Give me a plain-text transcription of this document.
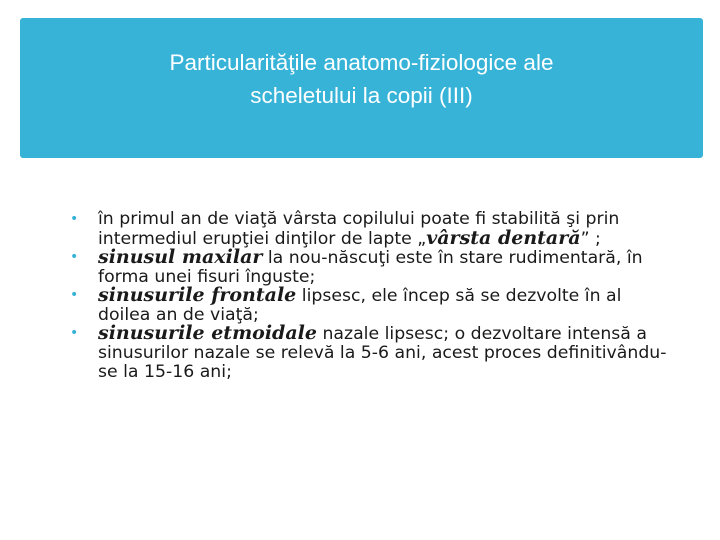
Particularităţile anatomo-fiziologice ale
scheletului la copii (III)
• în primul an de viaţă vârsta copilului poate fi stabilită şi prin intermediul erupţiei dinţilor de lapte „vârsta dentară” ;
• sinusul maxilar la nou-născuţi este în stare rudimentară, în forma unei fisuri înguste;
• sinusurile frontale lipsesc, ele încep să se dezvolte în al doilea an de viaţă;
• sinusurile etmoidale nazale lipsesc; o dezvoltare intensă a sinusurilor nazale se relevă la 5-6 ani, acest proces definitivându-se la 15-16 ani;
